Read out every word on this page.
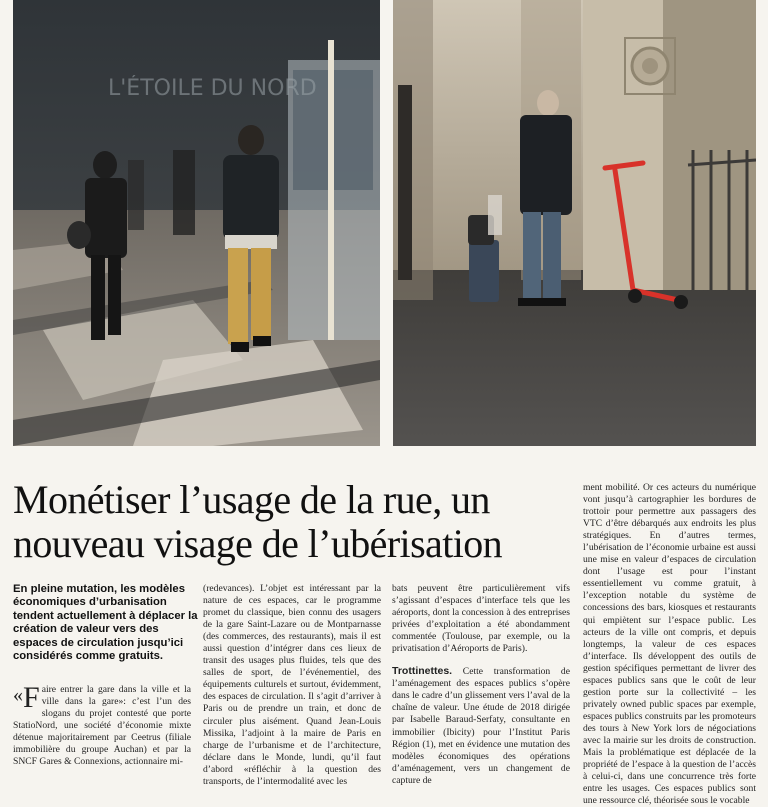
L'ÉTOILE DU NORD
Monétiser l’usage de la rue, un nouveau visage de l’ubérisation

En pleine mutation, les modèles économiques d’urbanisation tendent actuellement à déplacer la création de valeur vers des espaces de circulation jusqu’ici considérés comme gratuits.

« F aire entrer la gare dans la ville et la ville dans la gare»: c’est l’un des slogans du projet contesté que porte StatioNord, une société d’économie mixte détenue majoritairement par Ceetrus (filiale immobilière du groupe Auchan) et par la SNCF Gares & Connexions, actionnaire mi-

(redevances). L’objet est intéressant par la nature de ces espaces, car le programme promet du classique, bien connu des usagers de la gare Saint-Lazare ou de Montparnasse (des commerces, des restaurants), mais il est aussi question d’intégrer dans ces lieux de transit des usages plus fluides, tels que des salles de sport, de l’événementiel, des équipements culturels et surtout, évidemment, des espaces de circulation. Il s’agit d’arriver à Paris ou de prendre un train, et donc de circuler plus aisément. Quand Jean-Louis Missika, l’adjoint à la maire de Paris en charge de l’urbanisme et de l’architecture, déclare dans le Monde, lundi, qu’il faut d’abord «réfléchir à la question des transports, de l’intermodalité avec les

bats peuvent être particulièrement vifs s’agissant d’espaces d’interface tels que les aéroports, dont la concession à des entreprises privées d’exploitation a été abondamment commentée (Toulouse, par exemple, ou la privatisation d’Aéroports de Paris).

Trottinettes. Cette transformation de l’aménagement des espaces publics s’opère dans le cadre d’un glissement vers l’aval de la chaîne de valeur. Une étude de 2018 dirigée par Isabelle Baraud-Serfaty, consultante en immobilier (Ibicity) pour l’Institut Paris Région (1), met en évidence une mutation des modèles économiques des opérations d’aménagement, vers un changement de capture de

ment mobilité. Or ces acteurs du numérique vont jusqu’à cartographier les bordures de trottoir pour permettre aux passagers des VTC d’être débarqués aux endroits les plus stratégiques. En d’autres termes, l’ubérisation de l’économie urbaine est aussi une mise en valeur d’espaces de circulation dont l’usage est pour l’instant essentiellement vu comme gratuit, à l’exception notable du système de concessions des bars, kiosques et restaurants qui empiètent sur l’espace public. Les acteurs de la ville ont compris, et depuis longtemps, la valeur de ces espaces d’interface. Ils développent des outils de gestion spécifiques permettant de livrer des espaces publics sans que le coût de leur gestion porte sur la collectivité – les privately owned public spaces par exemple, espaces publics construits par les promoteurs des tours à New York lors de négociations avec la mairie sur les droits de construction. Mais la problématique est déplacée de la propriété de l’espace à la question de l’accès à celui-ci, dans une concurrence très forte entre les usages. Ces espaces publics sont une ressource clé, théorisée sous le vocable
